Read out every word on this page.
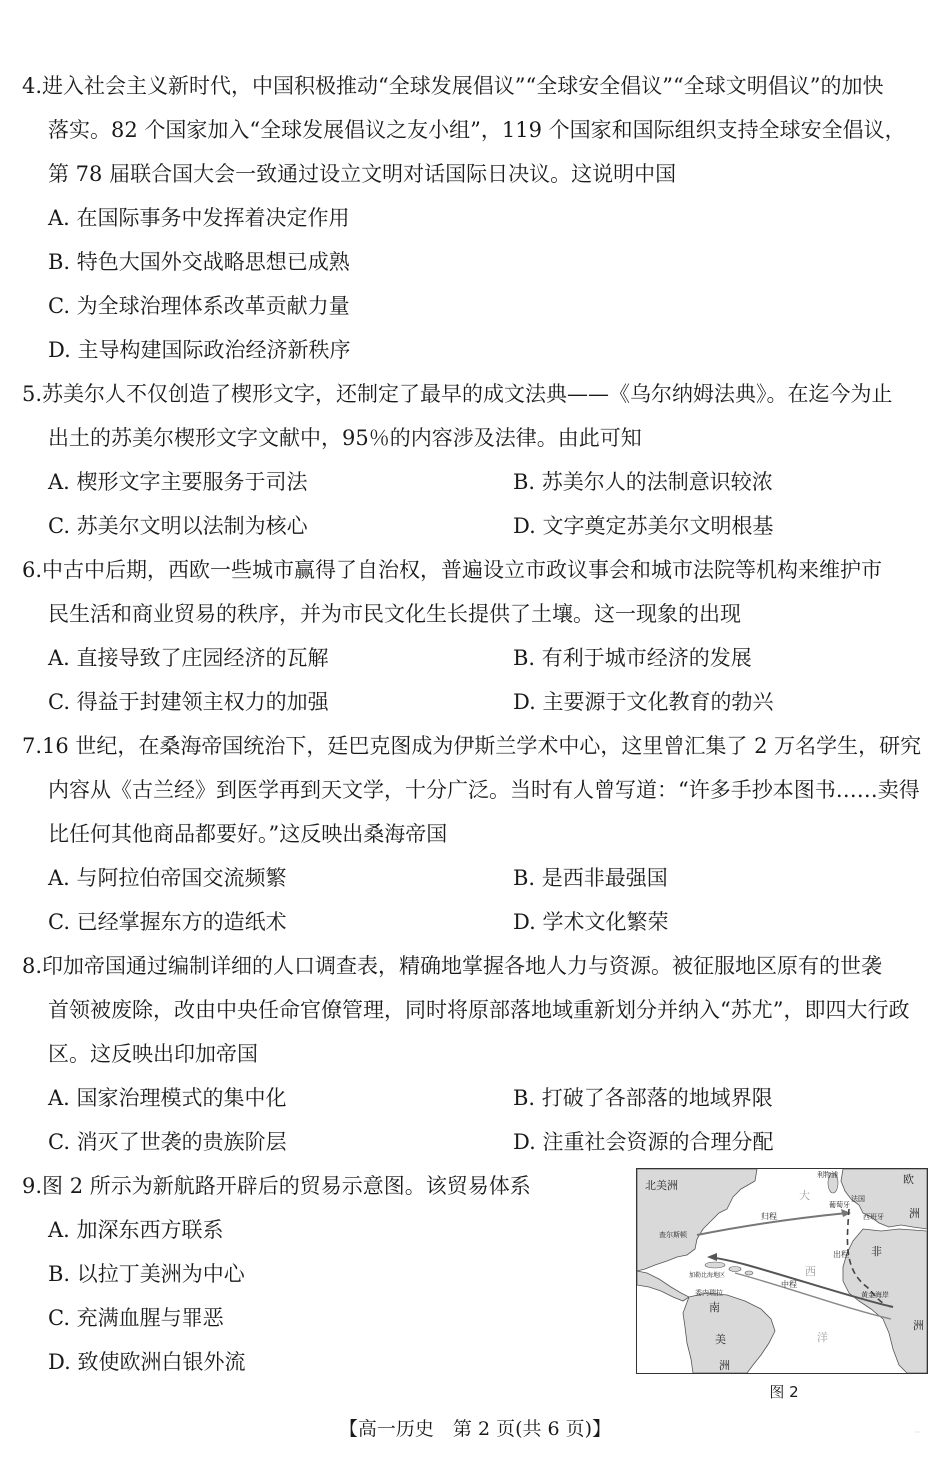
4.进入社会主义新时代，中国积极推动“全球发展倡议”“全球安全倡议”“全球文明倡议”的加快
落实。82 个国家加入“全球发展倡议之友小组”，119 个国家和国际组织支持全球安全倡议，
第 78 届联合国大会一致通过设立文明对话国际日决议。这说明中国
A. 在国际事务中发挥着决定作用
B. 特色大国外交战略思想已成熟
C. 为全球治理体系改革贡献力量
D. 主导构建国际政治经济新秩序
5.苏美尔人不仅创造了楔形文字，还制定了最早的成文法典——《乌尔纳姆法典》。在迄今为止
出土的苏美尔楔形文字文献中，95％的内容涉及法律。由此可知
A. 楔形文字主要服务于司法	B. 苏美尔人的法制意识较浓
C. 苏美尔文明以法制为核心	D. 文字奠定苏美尔文明根基
6.中古中后期，西欧一些城市赢得了自治权，普遍设立市政议事会和城市法院等机构来维护市
民生活和商业贸易的秩序，并为市民文化生长提供了土壤。这一现象的出现
A. 直接导致了庄园经济的瓦解	B. 有利于城市经济的发展
C. 得益于封建领主权力的加强	D. 主要源于文化教育的勃兴
7.16 世纪，在桑海帝国统治下，廷巴克图成为伊斯兰学术中心，这里曾汇集了 2 万名学生，研究
内容从《古兰经》到医学再到天文学，十分广泛。当时有人曾写道：“许多手抄本图书……卖得
比任何其他商品都要好。”这反映出桑海帝国
A. 与阿拉伯帝国交流频繁	B. 是西非最强国
C. 已经掌握东方的造纸术	D. 学术文化繁荣
8.印加帝国通过编制详细的人口调查表，精确地掌握各地人力与资源。被征服地区原有的世袭
首领被废除，改由中央任命官僚管理，同时将原部落地域重新划分并纳入“苏尤”，即四大行政
区。这反映出印加帝国
A. 国家治理模式的集中化	B. 打破了各部落的地域界限
C. 消灭了世袭的贵族阶层	D. 注重社会资源的合理分配
9.图 2 所示为新航路开辟后的贸易示意图。该贸易体系
A. 加深东西方联系
B. 以拉丁美洲为中心
C. 充满血腥与罪恶
D. 致使欧洲白银外流
北美洲	欧
洲
非
洲
南
美
洲
大
西
洋
利物浦
法国
葡萄牙
西班牙
查尔斯顿
加勒比海地区
委内瑞拉	黄金海岸
归程
出程
中程
图 2
【高一历史　第 2 页(共 6 页)】	··
